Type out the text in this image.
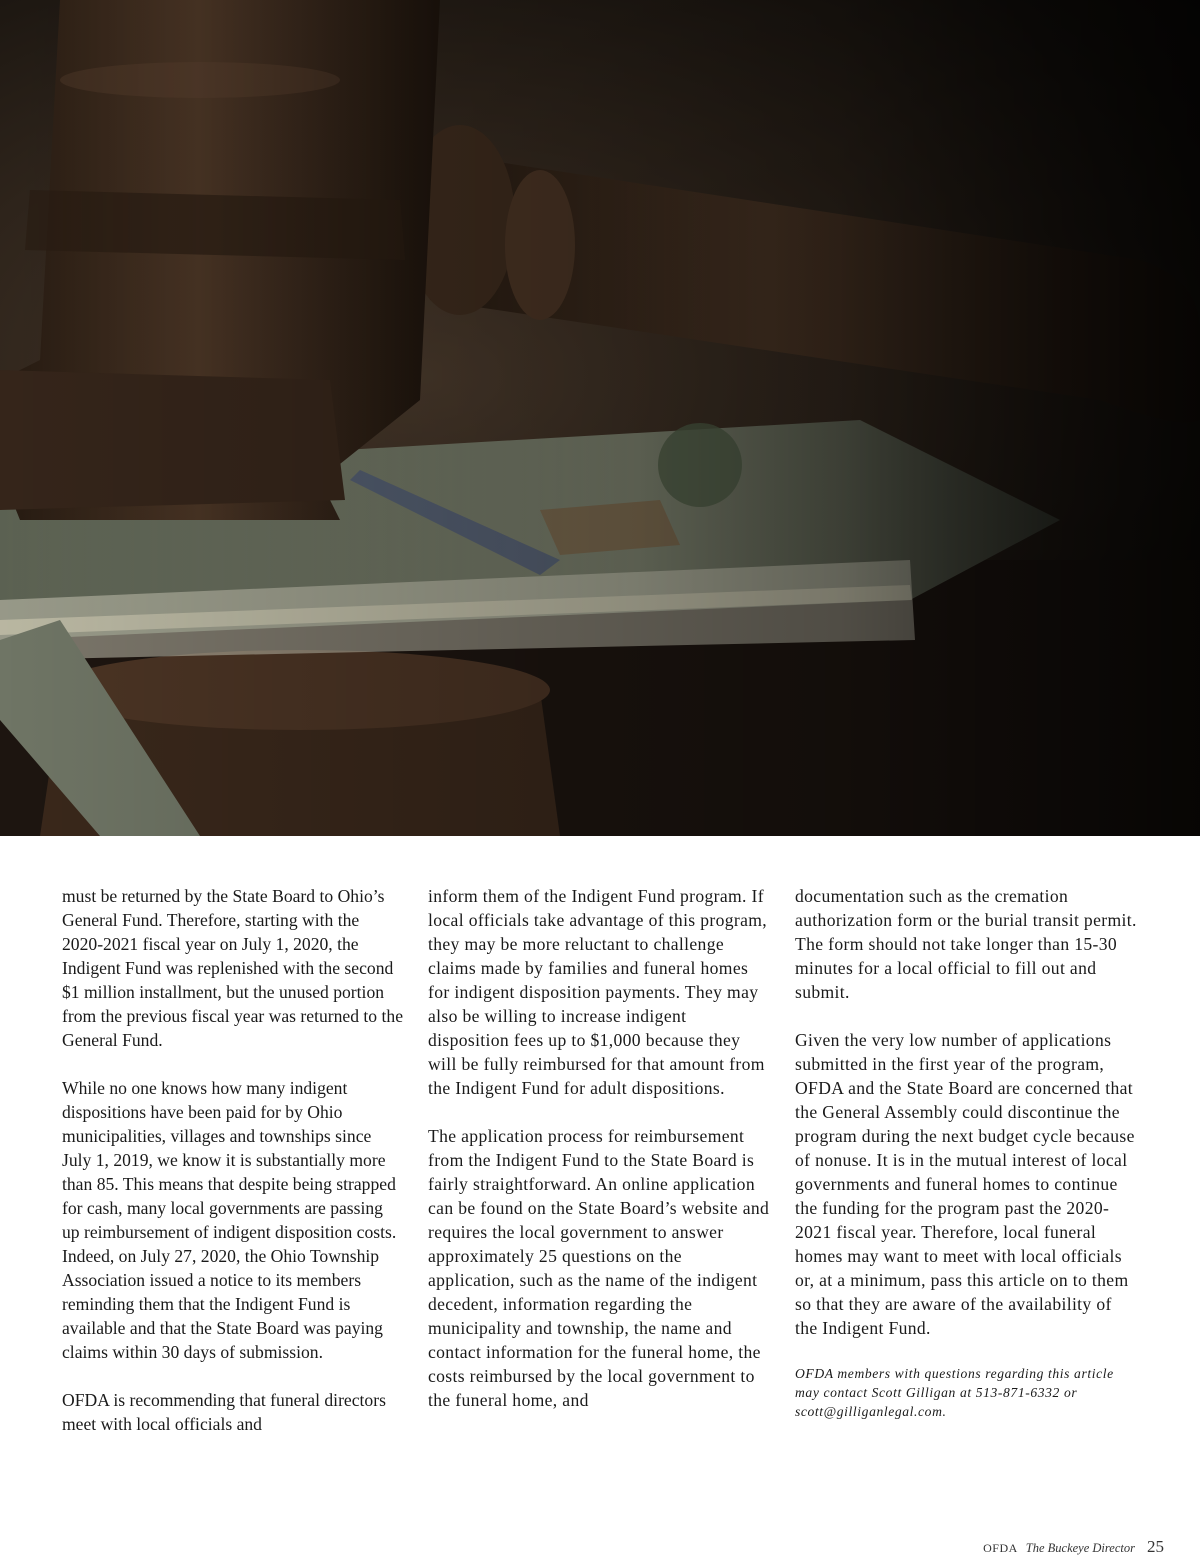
must be returned by the State Board to Ohio’s General Fund. Therefore, starting with the 2020-2021 fiscal year on July 1, 2020, the Indigent Fund was replenished with the second $1 million installment, but the unused portion from the previous fiscal year was returned to the General Fund.

While no one knows how many indigent dispositions have been paid for by Ohio municipalities, villages and townships since July 1, 2019, we know it is substantially more than 85. This means that despite being strapped for cash, many local governments are passing up reimbursement of indigent disposition costs. Indeed, on July 27, 2020, the Ohio Township Association issued a notice to its members reminding them that the Indigent Fund is available and that the State Board was paying claims within 30 days of submission.

OFDA is recommending that funeral directors meet with local officials and

inform them of the Indigent Fund program. If local officials take advantage of this program, they may be more reluctant to challenge claims made by families and funeral homes for indigent disposition payments. They may also be willing to increase indigent disposition fees up to $1,000 because they will be fully reimbursed for that amount from the Indigent Fund for adult dispositions.

The application process for reimbursement from the Indigent Fund to the State Board is fairly straightforward. An online application can be found on the State Board’s website and requires the local government to answer approximately 25 questions on the application, such as the name of the indigent decedent, information regarding the municipality and township, the name and contact information for the funeral home, the costs reimbursed by the local government to the funeral home, and

documentation such as the cremation authorization form or the burial transit permit. The form should not take longer than 15-30 minutes for a local official to fill out and submit.

Given the very low number of applications submitted in the first year of the program, OFDA and the State Board are concerned that the General Assembly could discontinue the program during the next budget cycle because of nonuse. It is in the mutual interest of local governments and funeral homes to continue the funding for the program past the 2020-2021 fiscal year. Therefore, local funeral homes may want to meet with local officials or, at a minimum, pass this article on to them so that they are aware of the availability of the Indigent Fund.

OFDA members with questions regarding this article may contact Scott Gilligan at 513-871-6332 or scott@gilliganlegal.com.

OFDA The Buckeye Director 25
